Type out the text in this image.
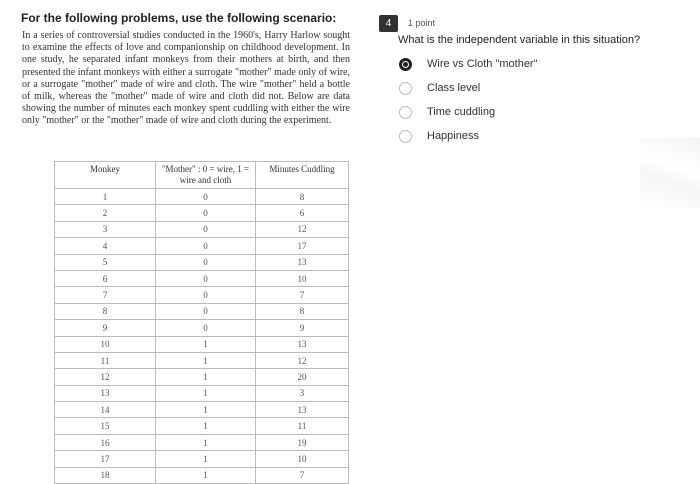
For the following problems, use the following scenario:
In a series of controversial studies conducted in the 1960's, Harry Harlow sought to examine the effects of love and companionship on childhood development. In one study, he separated infant monkeys from their mothers at birth, and then presented the infant monkeys with either a surrogate "mother" made only of wire, or a surrogate "mother" made of wire and cloth. The wire "mother" held a bottle of milk, whereas the "mother" made of wire and cloth did not. Below are data showing the number of minutes each monkey spent cuddling with either the wire only "mother" or the "mother" made of wire and cloth during the experiment.
Monkey	"Mother" : 0 = wire, 1 = wire and cloth	Minutes Cuddling
1	0	8
2	0	6
3	0	12
4	0	17
5	0	13
6	0	10
7	0	7
8	0	8
9	0	9
10	1	13
11	1	12
12	1	20
13	1	3
14	1	13
15	1	11
16	1	19
17	1	10
18	1	7
4	1 point
What is the independent variable in this situation?
Wire vs Cloth "mother"
Class level
Time cuddling
Happiness
